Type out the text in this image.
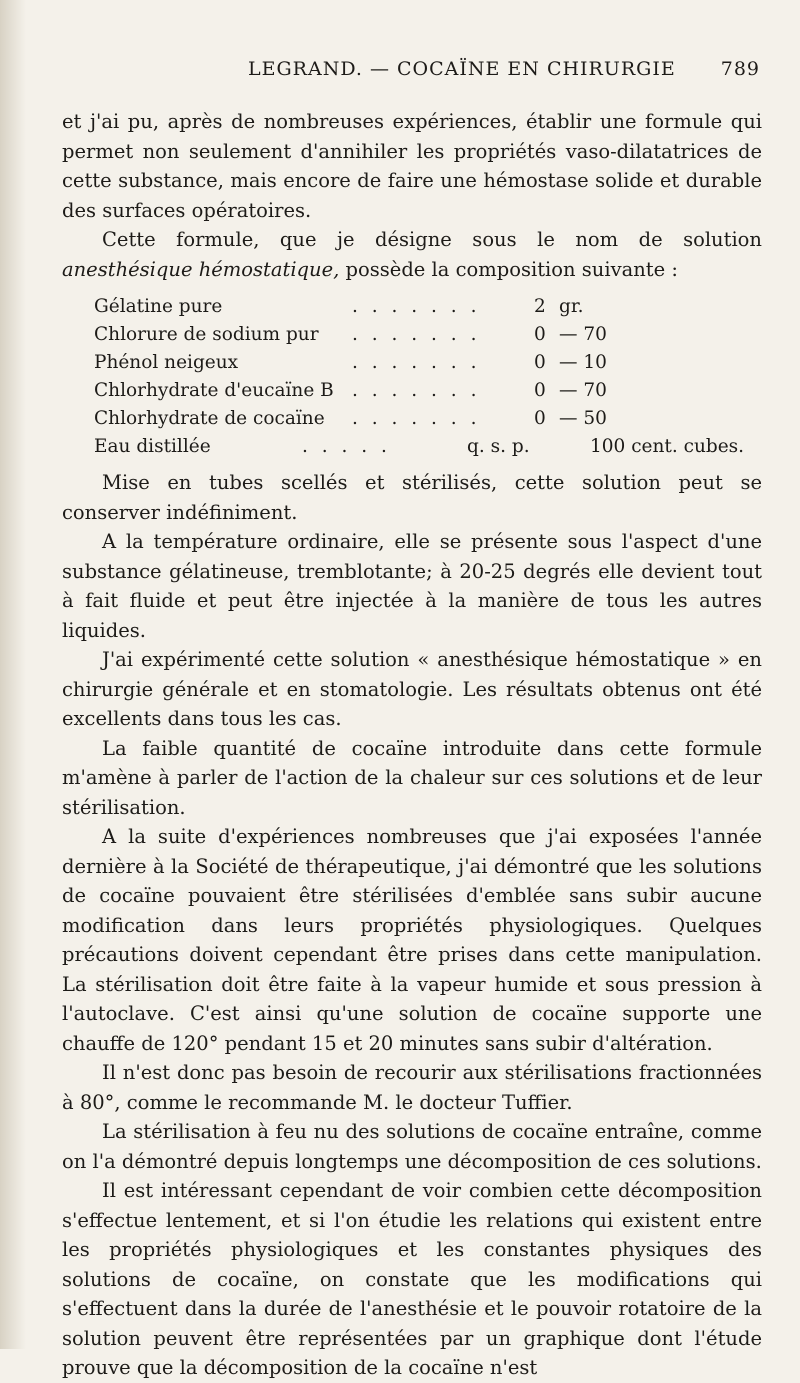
LEGRAND. — COCAÏNE EN CHIRURGIE 789

et j'ai pu, après de nombreuses expériences, établir une formule qui permet non seulement d'annihiler les propriétés vaso-dilatatrices de cette substance, mais encore de faire une hémostase solide et durable des surfaces opératoires.

Cette formule, que je désigne sous le nom de solution anesthésique hémostatique, possède la composition suivante :

Gélatine pure	. . . . . . .	2 gr.
Chlorure de sodium pur . . . . . . .	0 — 70
Phénol neigeux	. . . . . . .	0 — 10
Chlorhydrate d'eucaïne B . . . . . . .	0 — 70
Chlorhydrate de cocaïne . . . . . . .	0 — 50
Eau distillée	. . . . .	q. s. p.	100 cent. cubes.

Mise en tubes scellés et stérilisés, cette solution peut se conserver indéfiniment.

A la température ordinaire, elle se présente sous l'aspect d'une substance gélatineuse, tremblotante; à 20-25 degrés elle devient tout à fait fluide et peut être injectée à la manière de tous les autres liquides.

J'ai expérimenté cette solution « anesthésique hémostatique » en chirurgie générale et en stomatologie. Les résultats obtenus ont été excellents dans tous les cas.

La faible quantité de cocaïne introduite dans cette formule m'amène à parler de l'action de la chaleur sur ces solutions et de leur stérilisation.

A la suite d'expériences nombreuses que j'ai exposées l'année dernière à la Société de thérapeutique, j'ai démontré que les solutions de cocaïne pouvaient être stérilisées d'emblée sans subir aucune modification dans leurs propriétés physiologiques. Quelques précautions doivent cependant être prises dans cette manipulation. La stérilisation doit être faite à la vapeur humide et sous pression à l'autoclave. C'est ainsi qu'une solution de cocaïne supporte une chauffe de 120° pendant 15 et 20 minutes sans subir d'altération.

Il n'est donc pas besoin de recourir aux stérilisations fractionnées à 80°, comme le recommande M. le docteur Tuffier.

La stérilisation à feu nu des solutions de cocaïne entraîne, comme on l'a démontré depuis longtemps une décomposition de ces solutions.

Il est intéressant cependant de voir combien cette décomposition s'effectue lentement, et si l'on étudie les relations qui existent entre les propriétés physiologiques et les constantes physiques des solutions de cocaïne, on constate que les modifications qui s'effectuent dans la durée de l'anesthésie et le pouvoir rotatoire de la solution peuvent être représentées par un graphique dont l'étude prouve que la décomposition de la cocaïne n'est
